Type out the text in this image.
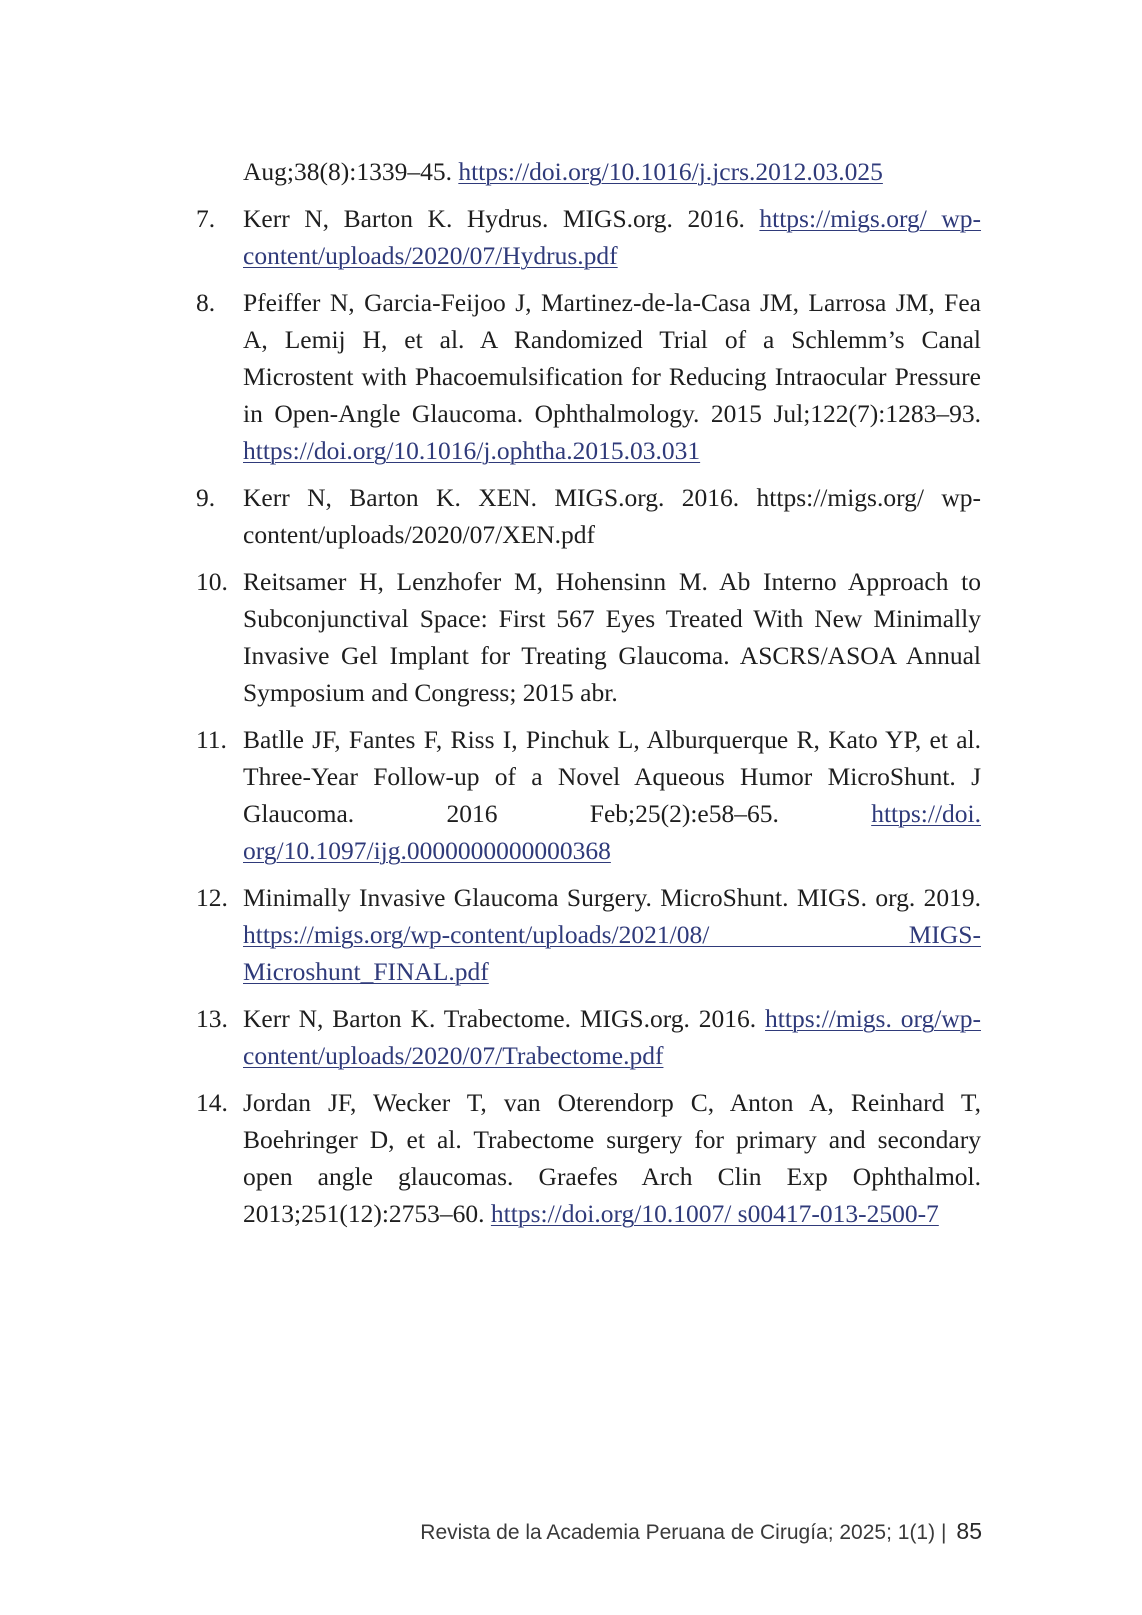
Aug;38(8):1339–45. https://doi.org/10.1016/j.jcrs.2012.03.025
7.	Kerr N, Barton K. Hydrus. MIGS.org. 2016. https://migs.org/ wp- content/uploads/2020/07/Hydrus.pdf
8.	Pfeiffer N, Garcia-Feijoo J, Martinez-de-la-Casa JM, Larrosa JM, Fea A, Lemij H, et al. A Randomized Trial of a Schlemm’s Canal Microstent with Phacoemulsification for Reducing Intraocular Pressure in Open-Angle Glaucoma. Ophthalmology. 2015 Jul;122(7):1283–93. https://doi.org/10.1016/j.ophtha.2015.03.031
9.	Kerr N, Barton K. XEN. MIGS.org. 2016. https://migs.org/ wp- content/uploads/2020/07/XEN.pdf
10. Reitsamer H, Lenzhofer M, Hohensinn M. Ab Interno Approach to Subconjunctival Space: First 567 Eyes Treated With New Minimally Invasive Gel Implant for Treating Glaucoma. ASCRS/ASOA Annual Symposium and Congress; 2015 abr.
11. Batlle JF, Fantes F, Riss I, Pinchuk L, Alburquerque R, Kato YP, et al. Three-Year Follow-up of a Novel Aqueous Humor MicroShunt. J Glaucoma. 2016 Feb;25(2):e58–65. https://doi. org/10.1097/ijg.0000000000000368
12. Minimally Invasive Glaucoma Surgery. MicroShunt. MIGS. org. 2019. https://migs.org/wp-content/uploads/2021/08/ MIGS- Microshunt_FINAL.pdf
13. Kerr N, Barton K. Trabectome. MIGS.org. 2016. https://migs. org/wp- content/uploads/2020/07/Trabectome.pdf
14. Jordan JF, Wecker T, van Oterendorp C, Anton A, Reinhard T, Boehringer D, et al. Trabectome surgery for primary and secondary open angle glaucomas. Graefes Arch Clin Exp Ophthalmol. 2013;251(12):2753–60. https://doi.org/10.1007/ s00417-013-2500-7
Revista de la Academia Peruana de Cirugía; 2025; 1(1) | 85
